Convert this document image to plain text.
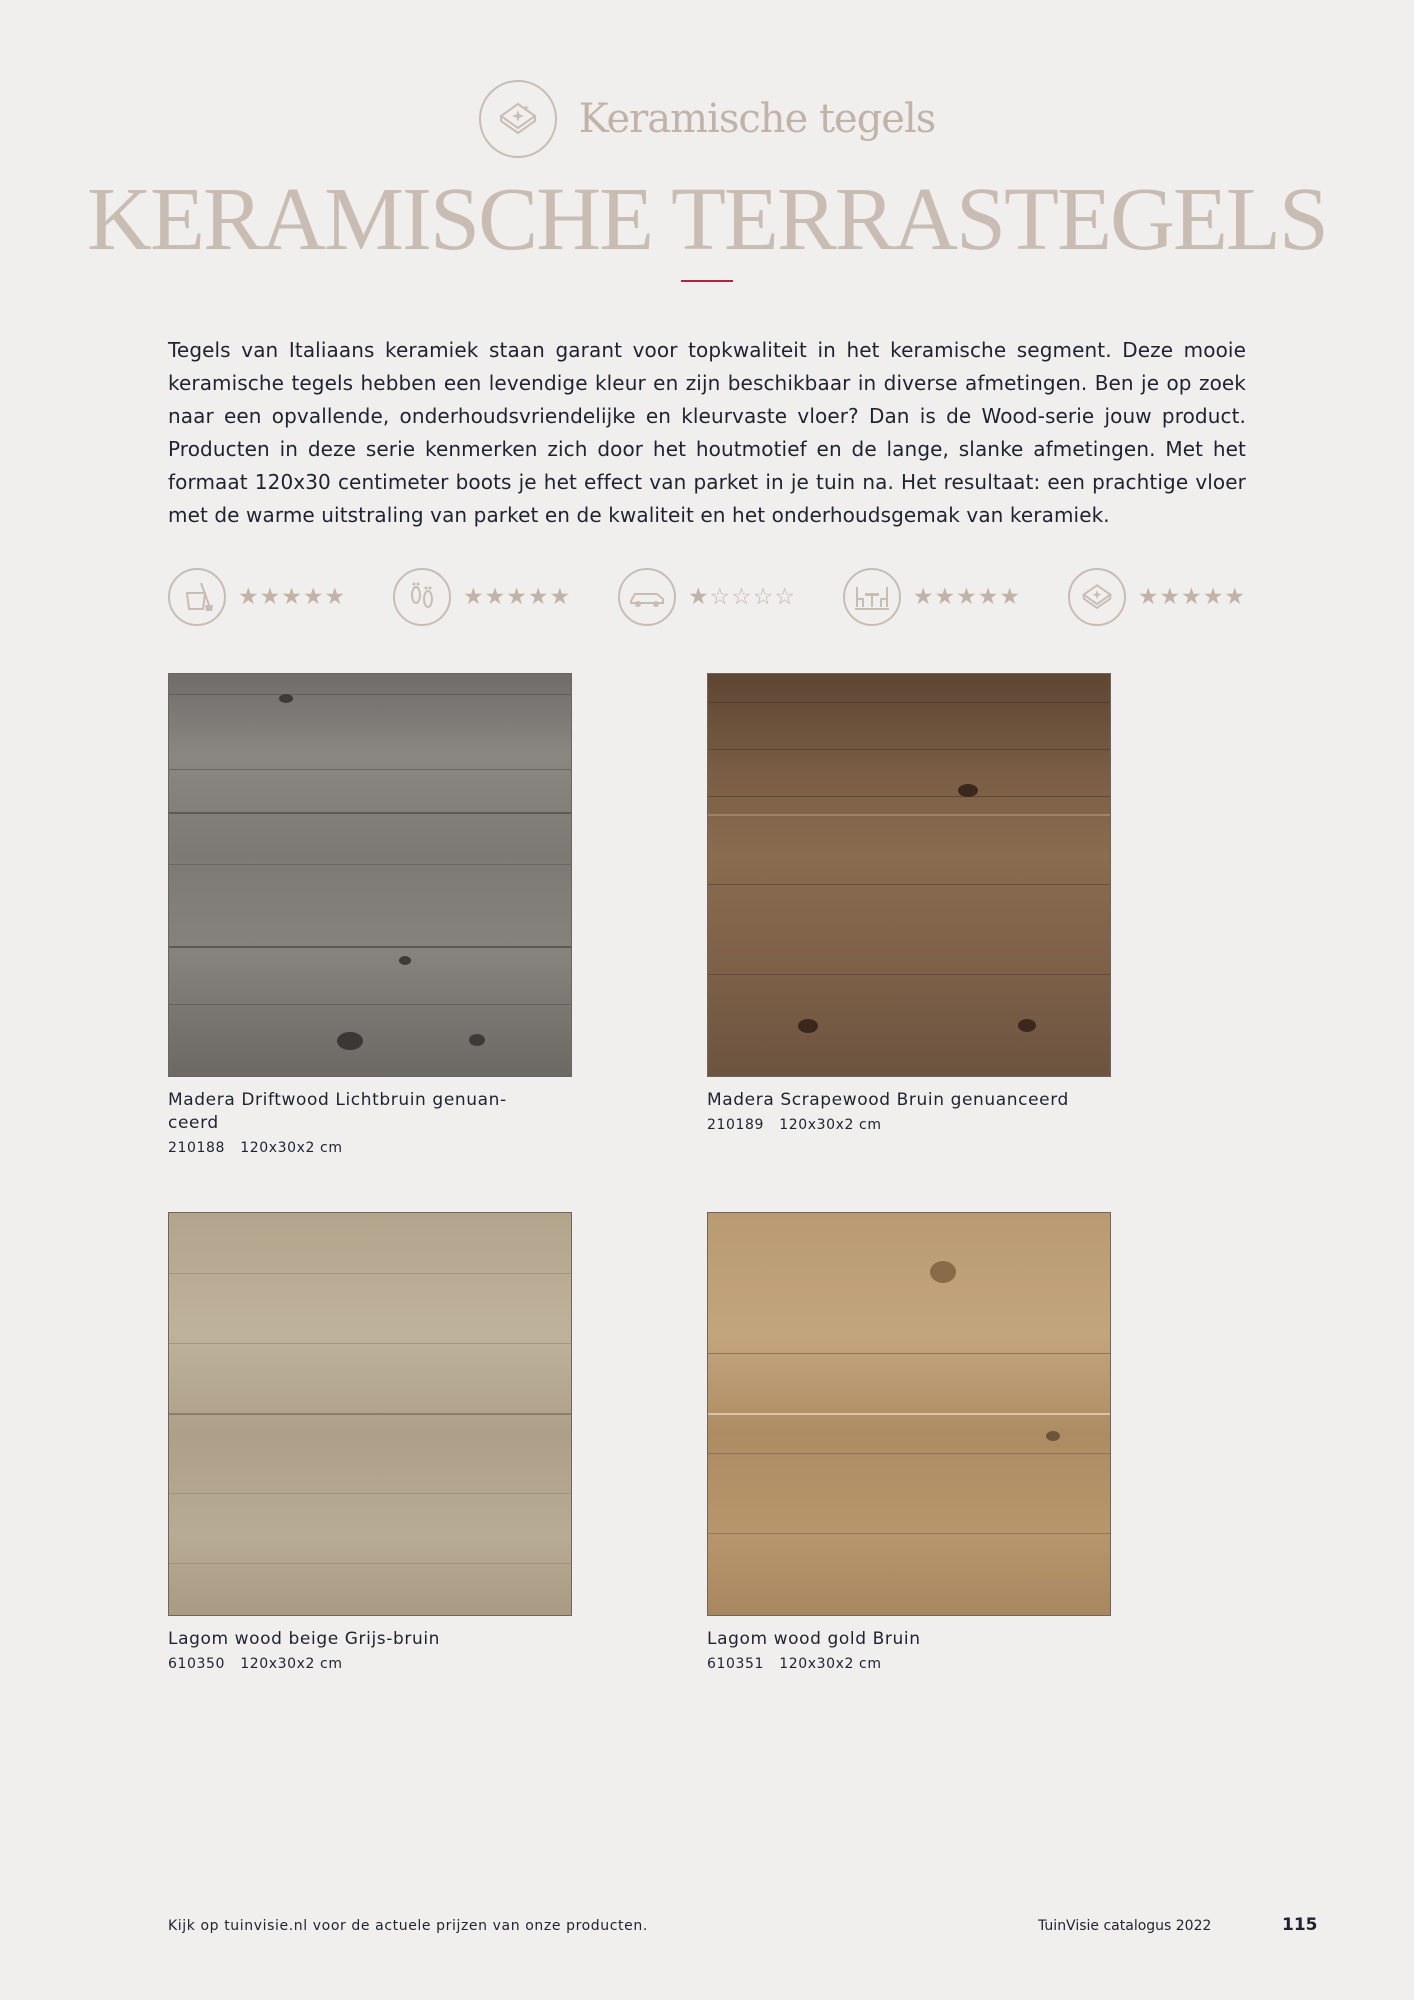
Keramische tegels
KERAMISCHE TERRASTEGELS

Tegels van Italiaans keramiek staan garant voor topkwaliteit in het keramische segment. Deze mooie keramische tegels hebben een levendige kleur en zijn beschikbaar in diverse afmetingen. Ben je op zoek naar een opvallende, onderhoudsvriendelijke en kleurvaste vloer? Dan is de Wood-serie jouw product. Producten in deze serie kenmerken zich door het houtmotief en de lange, slanke afmetingen. Met het formaat 120x30 centimeter boots je het effect van parket in je tuin na. Het resultaat: een prachtige vloer met de warme uitstraling van parket en de kwaliteit en het onderhoudsgemak van keramiek.

★★★★★	★★★★★	★☆☆☆☆	★★★★★	★★★★★
Madera Driftwood Lichtbruin genuan-
ceerd
210188   120x30x2 cm
Madera Scrapewood Bruin genuanceerd
210189   120x30x2 cm
Lagom wood beige Grijs-bruin
610350   120x30x2 cm
Lagom wood gold Bruin
610351   120x30x2 cm
Kijk op tuinvisie.nl voor de actuele prijzen van onze producten.	TuinVisie catalogus 2022	115
